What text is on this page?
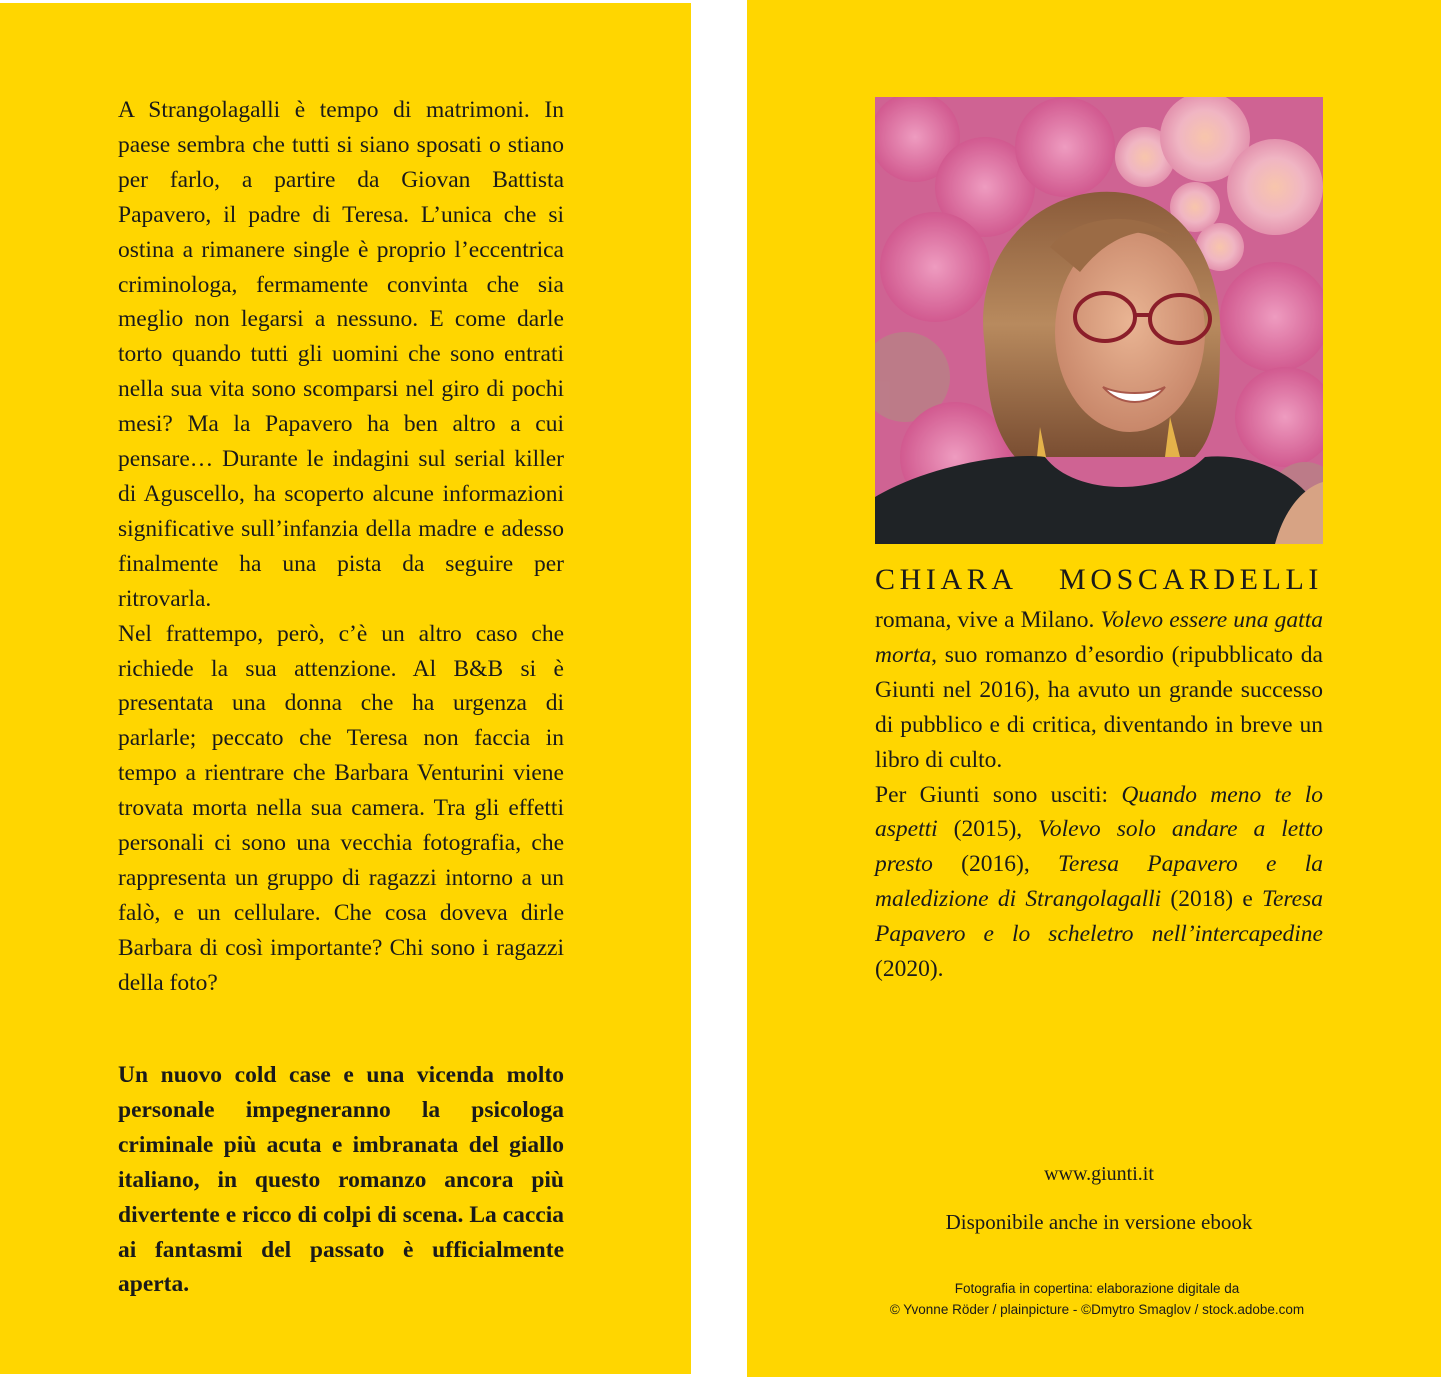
A Strangolagalli è tempo di matrimoni. In paese sembra che tutti si siano sposati o stiano per farlo, a partire da Giovan Battista Papavero, il padre di Teresa. L’unica che si ostina a rimanere single è proprio l’eccentrica criminologa, fermamente convinta che sia meglio non legarsi a nessuno. E come darle torto quando tutti gli uomini che sono entrati nella sua vita sono scomparsi nel giro di pochi mesi? Ma la Papavero ha ben altro a cui pensare… Durante le indagini sul serial killer di Aguscello, ha scoperto alcune informazioni significative sull’infanzia della madre e adesso finalmente ha una pista da seguire per ritrovarla.

Nel frattempo, però, c’è un altro caso che richiede la sua attenzione. Al B&B si è presentata una donna che ha urgenza di parlarle; peccato che Teresa non faccia in tempo a rientrare che Barbara Venturini viene trovata morta nella sua camera. Tra gli effetti personali ci sono una vecchia fotografia, che rappresenta un gruppo di ragazzi intorno a un falò, e un cellulare. Che cosa doveva dirle Barbara di così importante? Chi sono i ragazzi della foto?

Un nuovo cold case e una vicenda molto personale impegneranno la psicologa criminale più acuta e imbranata del giallo italiano, in questo romanzo ancora più divertente e ricco di colpi di scena. La caccia ai fantasmi del passato è ufficialmente aperta.

CHIARA MOSCARDELLI

romana, vive a Milano. Volevo essere una gatta morta, suo romanzo d’esordio (ripubblicato da Giunti nel 2016), ha avuto un grande successo di pubblico e di critica, diventando in breve un libro di culto.

Per Giunti sono usciti: Quando meno te lo aspetti (2015), Volevo solo andare a letto presto (2016), Teresa Papavero e la maledizione di Strangolagalli (2018) e Teresa Papavero e lo scheletro nell’intercapedine (2020).

www.giunti.it
Disponibile anche in versione ebook
Fotografia in copertina: elaborazione digitale da
© Yvonne Röder / plainpicture - ©Dmytro Smaglov / stock.adobe.com
